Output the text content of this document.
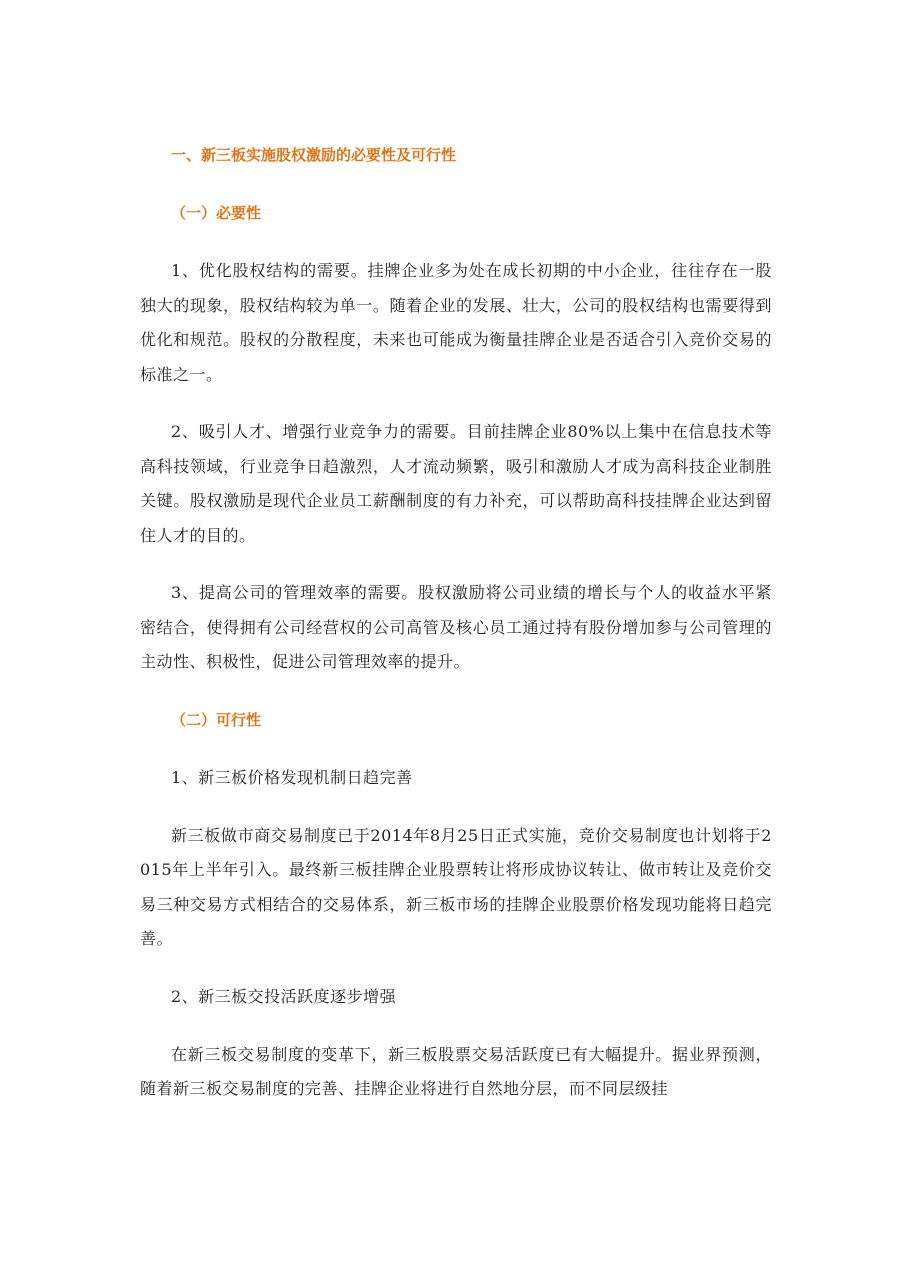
一、新三板实施股权激励的必要性及可行性
（一）必要性

1、优化股权结构的需要。挂牌企业多为处在成长初期的中小企业，往往存在一股独大的现象，股权结构较为单一。随着企业的发展、壮大，公司的股权结构也需要得到优化和规范。股权的分散程度，未来也可能成为衡量挂牌企业是否适合引入竞价交易的标准之一。

2、吸引人才、增强行业竞争力的需要。目前挂牌企业80%以上集中在信息技术等高科技领域，行业竞争日趋激烈，人才流动频繁，吸引和激励人才成为高科技企业制胜关键。股权激励是现代企业员工薪酬制度的有力补充，可以帮助高科技挂牌企业达到留住人才的目的。

3、提高公司的管理效率的需要。股权激励将公司业绩的增长与个人的收益水平紧密结合，使得拥有公司经营权的公司高管及核心员工通过持有股份增加参与公司管理的主动性、积极性，促进公司管理效率的提升。

（二）可行性

1、新三板价格发现机制日趋完善

新三板做市商交易制度已于2014年8月25日正式实施，竞价交易制度也计划将于2015年上半年引入。最终新三板挂牌企业股票转让将形成协议转让、做市转让及竞价交易三种交易方式相结合的交易体系，新三板市场的挂牌企业股票价格发现功能将日趋完善。

2、新三板交投活跃度逐步增强

在新三板交易制度的变革下，新三板股票交易活跃度已有大幅提升。据业界预测，随着新三板交易制度的完善、挂牌企业将进行自然地分层，而不同层级挂
